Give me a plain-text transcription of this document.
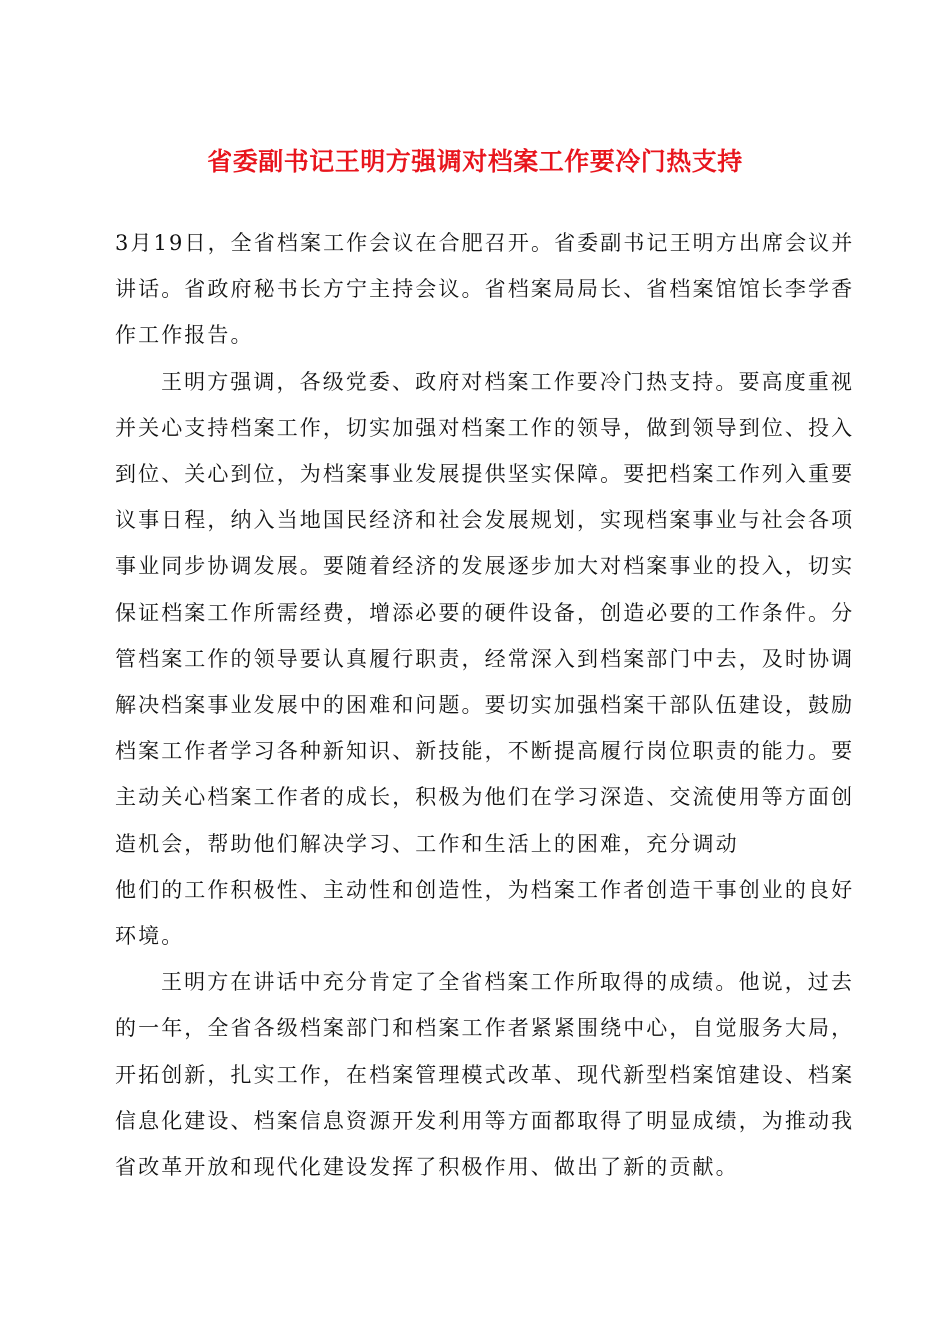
省委副书记王明方强调对档案工作要冷门热支持

3月19日，全省档案工作会议在合肥召开。省委副书记王明方出席会议并讲话。省政府秘书长方宁主持会议。省档案局局长、省档案馆馆长李学香作工作报告。

王明方强调，各级党委、政府对档案工作要冷门热支持。要高度重视并关心支持档案工作，切实加强对档案工作的领导，做到领导到位、投入到位、关心到位，为档案事业发展提供坚实保障。要把档案工作列入重要议事日程，纳入当地国民经济和社会发展规划，实现档案事业与社会各项事业同步协调发展。要随着经济的发展逐步加大对档案事业的投入，切实保证档案工作所需经费，增添必要的硬件设备，创造必要的工作条件。分管档案工作的领导要认真履行职责，经常深入到档案部门中去，及时协调解决档案事业发展中的困难和问题。要切实加强档案干部队伍建设，鼓励档案工作者学习各种新知识、新技能，不断提高履行岗位职责的能力。要主动关心档案工作者的成长，积极为他们在学习深造、交流使用等方面创造机会，帮助他们解决学习、工作和生活上的困难，充分调动

他们的工作积极性、主动性和创造性，为档案工作者创造干事创业的良好环境。

王明方在讲话中充分肯定了全省档案工作所取得的成绩。他说，过去的一年，全省各级档案部门和档案工作者紧紧围绕中心，自觉服务大局，开拓创新，扎实工作，在档案管理模式改革、现代新型档案馆建设、档案信息化建设、档案信息资源开发利用等方面都取得了明显成绩，为推动我省改革开放和现代化建设发挥了积极作用、做出了新的贡献。
